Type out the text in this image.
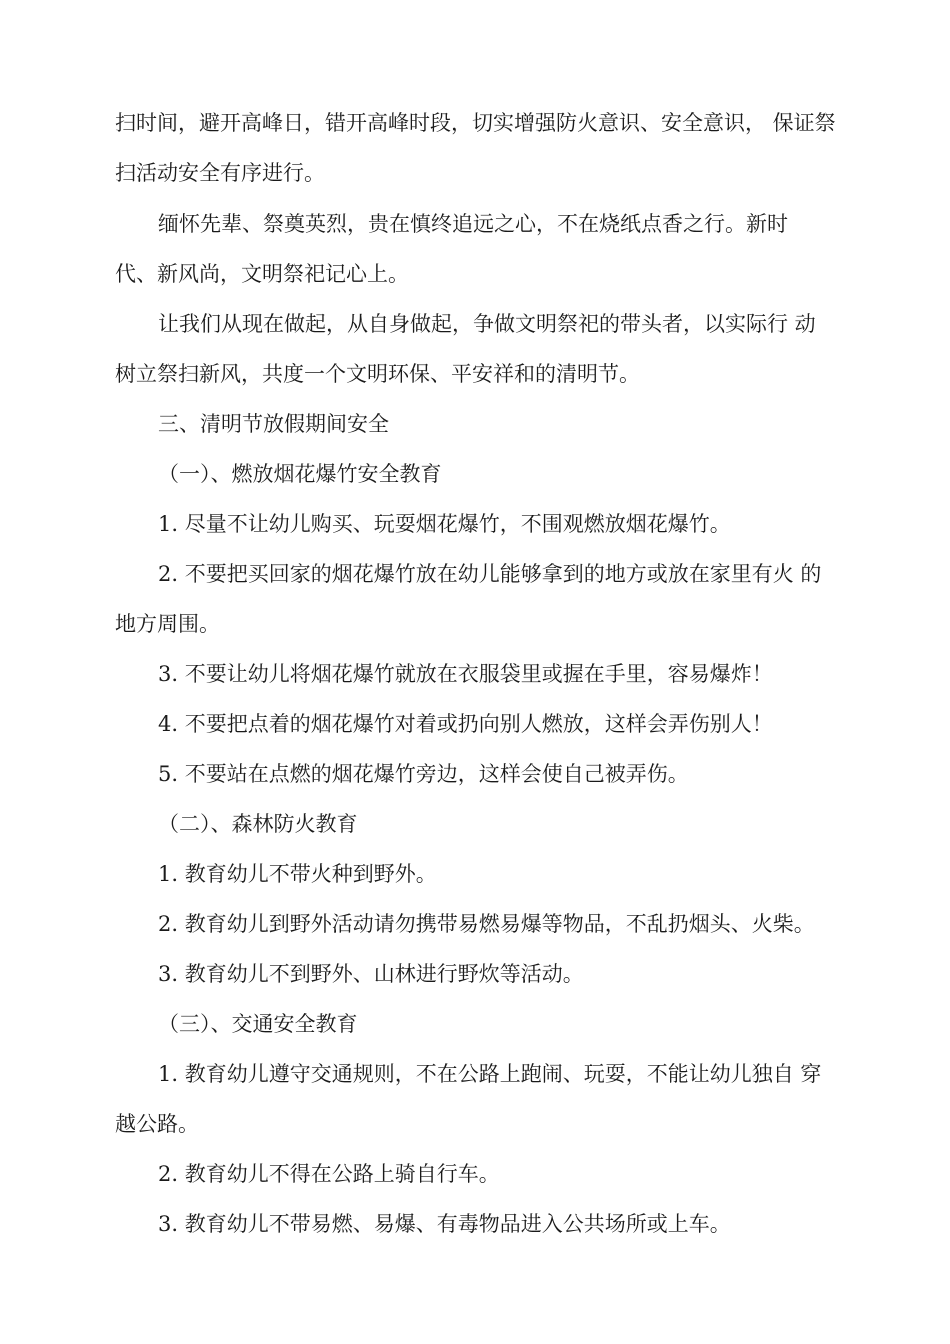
扫时间，避开高峰日，错开高峰时段，切实增强防火意识、安全意识， 保证祭
扫活动安全有序进行。
缅怀先辈、祭奠英烈，贵在慎终追远之心，不在烧纸点香之行。新时
代、新风尚，文明祭祀记心上。
让我们从现在做起，从自身做起，争做文明祭祀的带头者，以实际行 动
树立祭扫新风，共度一个文明环保、平安祥和的清明节。
三、清明节放假期间安全
（一）、燃放烟花爆竹安全教育
1. 尽量不让幼儿购买、玩耍烟花爆竹，不围观燃放烟花爆竹。
2. 不要把买回家的烟花爆竹放在幼儿能够拿到的地方或放在家里有火 的
地方周围。
3. 不要让幼儿将烟花爆竹就放在衣服袋里或握在手里，容易爆炸！
4. 不要把点着的烟花爆竹对着或扔向别人燃放，这样会弄伤别人！
5. 不要站在点燃的烟花爆竹旁边，这样会使自己被弄伤。
（二）、森林防火教育
1. 教育幼儿不带火种到野外。
2. 教育幼儿到野外活动请勿携带易燃易爆等物品，不乱扔烟头、火柴。
3. 教育幼儿不到野外、山林进行野炊等活动。
（三）、交通安全教育
1. 教育幼儿遵守交通规则，不在公路上跑闹、玩耍，不能让幼儿独自 穿
越公路。
2. 教育幼儿不得在公路上骑自行车。
3. 教育幼儿不带易燃、易爆、有毒物品进入公共场所或上车。
